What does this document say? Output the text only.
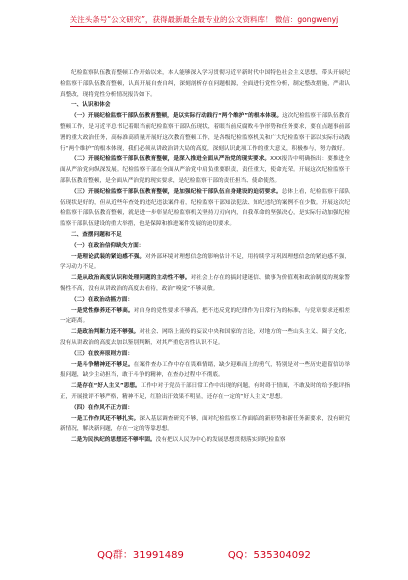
关注头条号“公文研究”，获得最新最全最专业的公文资料库！ 微信：gongwenyj

纪检监察队伍教育整顿工作开始以来，本人能够深入学习贯彻习近平新时代中国特色社会主义思想，带头开展纪检监察干部队伍教育整顿，认真开展自查自纠，深刻剖析存在问题根源，全面进行党性分析，制定整改措施，严肃认真整改，现将党性分析情况报告如下。

一、认识和体会

（一）开展纪检监察干部队伍教育整顿，是以实际行动践行“两个维护”的根本体现。这次纪检监察干部队伍教育整顿工作，是习近平总书记着眼当前纪检监察干部队伍现状，着眼当前反腐败斗争形势和任务要求，要在点题事前部署的重大政治任务，高标准高质量开展好这次教育整顿工作，是各级纪检监察机关和广大纪检监察干部以实际行动践行“两个维护”的根本体现，我们必须从讲政治讲大局的高度，深刻认识此项工作的重大意义，积极参与，努力做好。

（二）开展纪检监察干部队伍教育整顿，是深入推进全面从严治党的现实要求。XXX报告中明确指出：要推进全面从严治党向纵深发展。纪检监察干部在全面从严治党中肩负重要职责，责任重大，使命光荣。开展这次纪检监察干部队伍教育整顿，是全面从严治党的现实要求，是纪检监察干部的责任担当、使命使然。

（三）开展纪检监察干部队伍教育整顿，是加强纪检干部队伍自身建设的迫切要求。总体上看，纪检监察干部队伍现状是好的，但从近些年查处的违纪违法案件看，纪检监察干部知法犯法、知纪违纪的案例不在少数。开展这次纪检监察干部队伍教育整顿，就是进一步彰显纪检监察机关坚持刀刃向内，自我革命的坚强决心，是实际行动加强纪检监察干部队伍建设的重大举措，也是保障和推进案件发展的迫切要求。

二、查摆问题和不足

（一）在政治信仰缺失方面：

一是理论武装的紧迫感不强。对外部环境对理想信念的影响估计不足，用持续学习巩固理想信念的紧迫感不强，学习动力不足。

二是从政治高度认识和处理问题的主动性不够。对社会上存在的搞封建迷信、做事为价值观和政治制度的现象警惕性不高，没有从讲政治的高度去看待，政治“嗅觉”不够灵敏。

（二）在政治动摇方面：

一是党性修养还不够高。对自身的党性要求不够高，把不违反党的纪律作为日常行为的标准，与党章要求还相差一定距离。

二是政治判断力还不够强。对社会、网络上流传的妄议中央和国家的言论，对地方的一些山头主义、圈子文化，没有从讲政治的高度去加以鉴别判断，对其严重危害性认识不足。

（三）在放弃原则方面：

一是斗争精神还不够足。在案件查办工作中存在畏难情绪，缺少迎难而上的勇气，特别是对一些历史遗留信访举报问题，缺少主动担当，敢于斗争的精神，在查办过程中不彻底。

二是存在“好人主义”思想。工作中对于党员干部日常工作中出现的问题，有时碍于情面，不敢及时的给予批评指正，开展批评不够严格，精神不足，红脸出汗效果不明显，还存在一定的“好人主义”思想。

（四）在作风不正方面：

一是工作作风还不够扎实。深入基层调查研究不够，面对纪检监察工作面临的新形势和新任务新要求，没有研究新情况，解决新问题，存在一定的等靠思想。

二是为民执纪的思想还不够牢固。没有把以人民为中心的发展思想贯彻落实到纪检监察

QQ群：31991489	QQ：535304092
